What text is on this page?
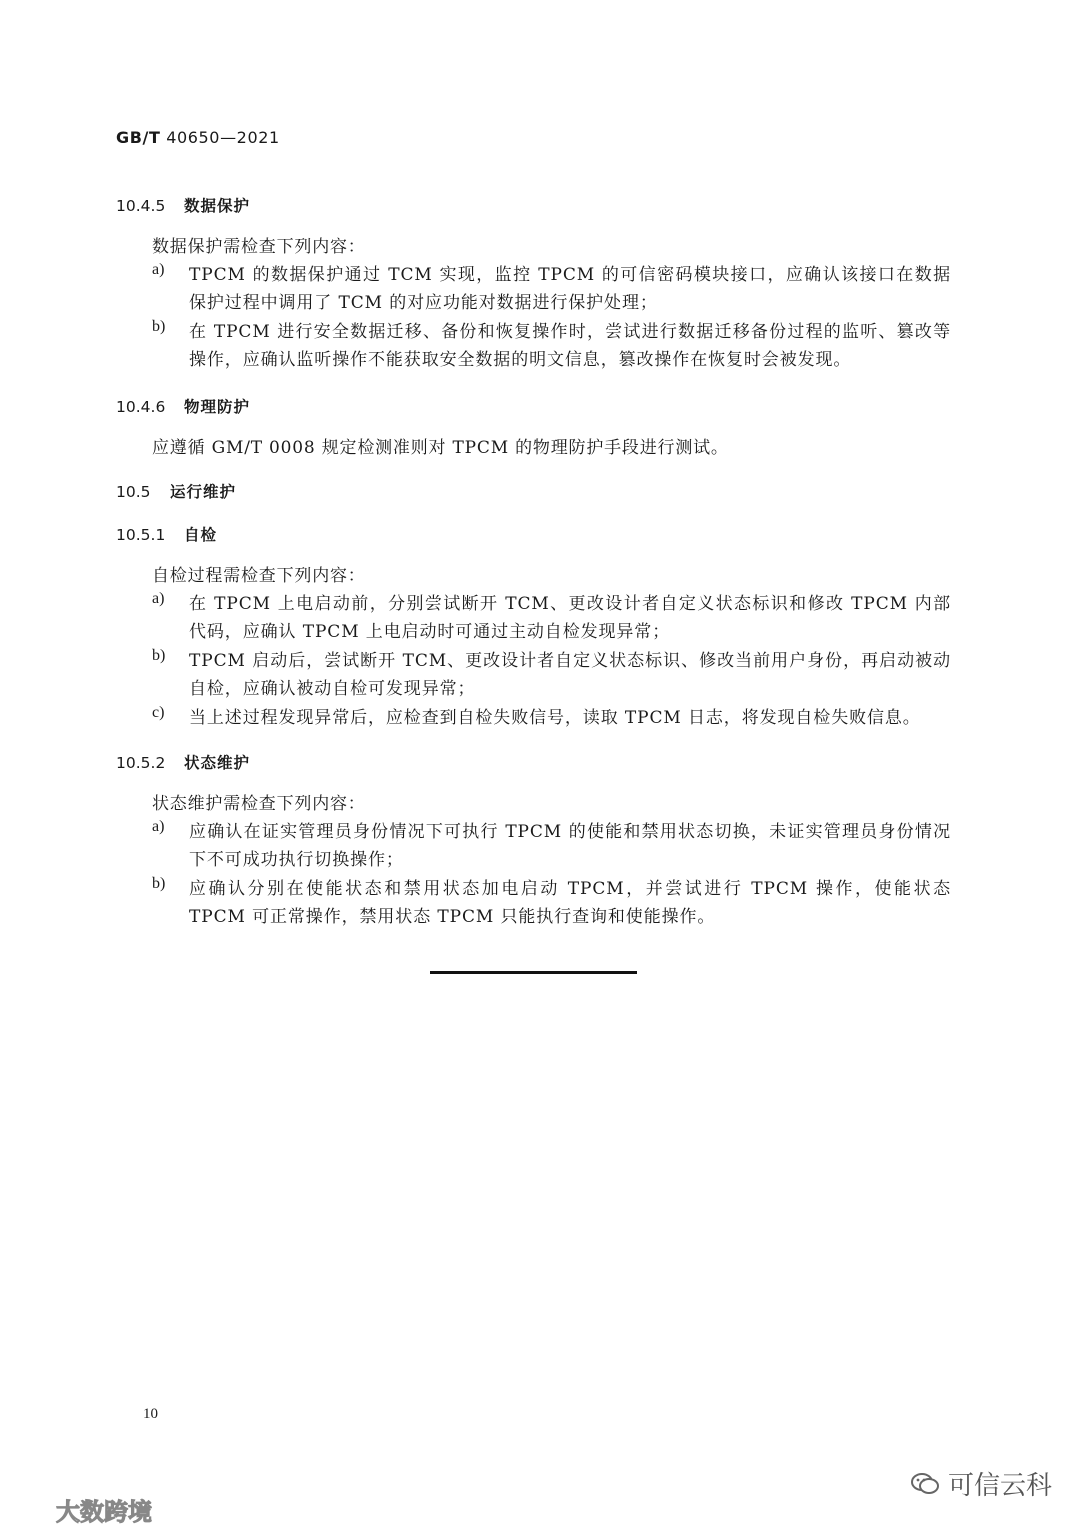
GB/T 40650—2021
10.4.5 数据保护
数据保护需检查下列内容：
a) TPCM 的数据保护通过 TCM 实现，监控 TPCM 的可信密码模块接口，应确认该接口在数据保护过程中调用了 TCM 的对应功能对数据进行保护处理；
b) 在 TPCM 进行安全数据迁移、备份和恢复操作时，尝试进行数据迁移备份过程的监听、篡改等操作，应确认监听操作不能获取安全数据的明文信息，篡改操作在恢复时会被发现。
10.4.6 物理防护
应遵循 GM/T 0008 规定检测准则对 TPCM 的物理防护手段进行测试。
10.5 运行维护
10.5.1 自检
自检过程需检查下列内容：
a) 在 TPCM 上电启动前，分别尝试断开 TCM、更改设计者自定义状态标识和修改 TPCM 内部代码，应确认 TPCM 上电启动时可通过主动自检发现异常；
b) TPCM 启动后，尝试断开 TCM、更改设计者自定义状态标识、修改当前用户身份，再启动被动自检，应确认被动自检可发现异常；
c) 当上述过程发现异常后，应检查到自检失败信号，读取 TPCM 日志，将发现自检失败信息。
10.5.2 状态维护
状态维护需检查下列内容：
a) 应确认在证实管理员身份情况下可执行 TPCM 的使能和禁用状态切换，未证实管理员身份情况下不可成功执行切换操作；
b) 应确认分别在使能状态和禁用状态加电启动 TPCM，并尝试进行 TPCM 操作，使能状态 TPCM 可正常操作，禁用状态 TPCM 只能执行查询和使能操作。
10
可信云科
大数跨境
